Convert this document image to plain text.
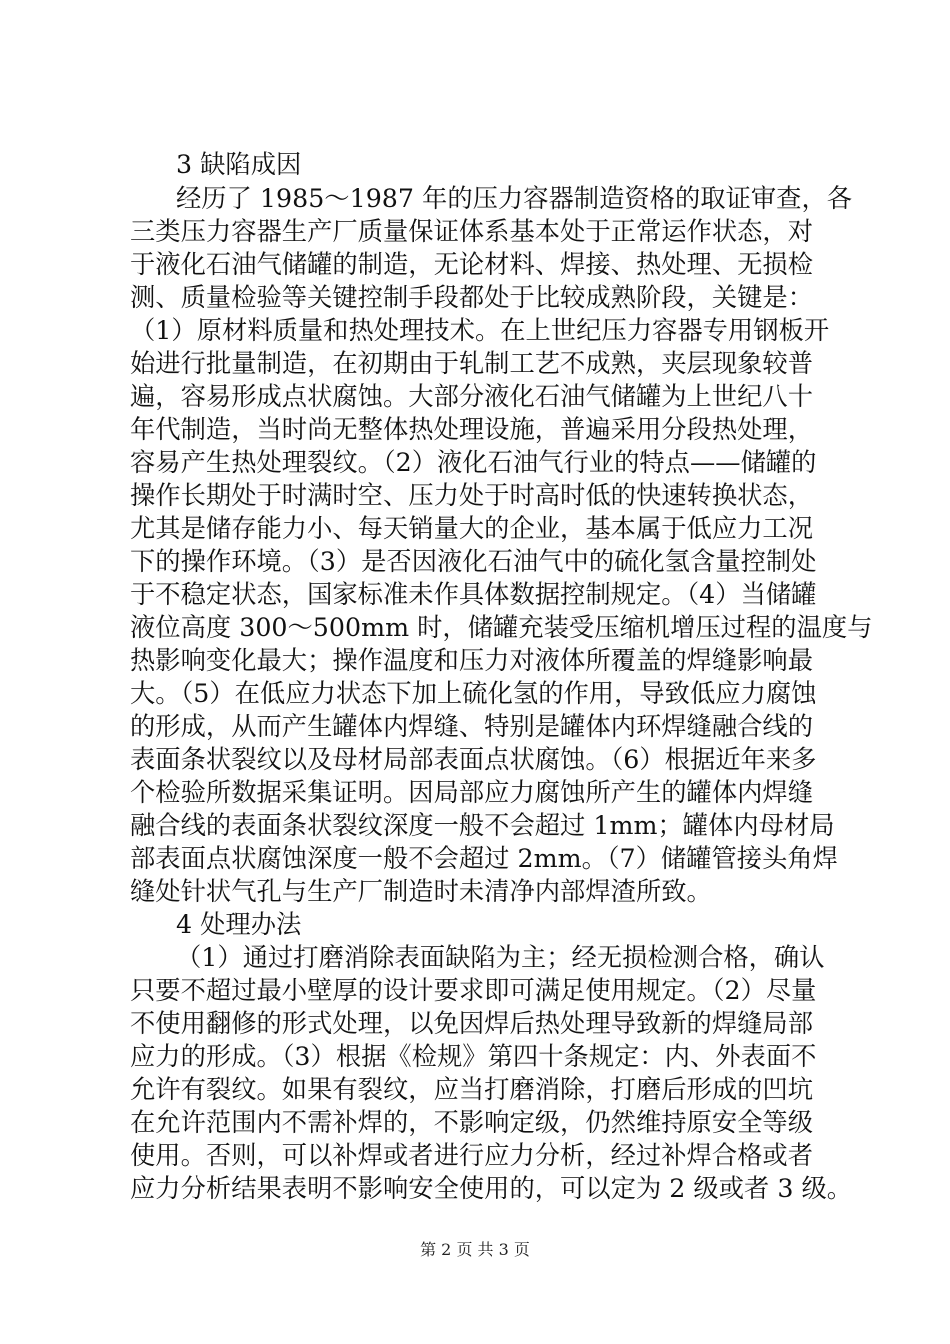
3 缺陷成因
经历了 1985～1987 年的压力容器制造资格的取证审查，各
三类压力容器生产厂质量保证体系基本处于正常运作状态，对
于液化石油气储罐的制造，无论材料、焊接、热处理、无损检
测、质量检验等关键控制手段都处于比较成熟阶段，关键是：
（1）原材料质量和热处理技术。在上世纪压力容器专用钢板开
始进行批量制造，在初期由于轧制工艺不成熟，夹层现象较普
遍，容易形成点状腐蚀。大部分液化石油气储罐为上世纪八十
年代制造，当时尚无整体热处理设施，普遍采用分段热处理，
容易产生热处理裂纹。（2）液化石油气行业的特点——储罐的
操作长期处于时满时空、压力处于时高时低的快速转换状态，
尤其是储存能力小、每天销量大的企业，基本属于低应力工况
下的操作环境。（3）是否因液化石油气中的硫化氢含量控制处
于不稳定状态，国家标准未作具体数据控制规定。（4）当储罐
液位高度 300～500mm 时，储罐充装受压缩机增压过程的温度与
热影响变化最大；操作温度和压力对液体所覆盖的焊缝影响最
大。（5）在低应力状态下加上硫化氢的作用，导致低应力腐蚀
的形成，从而产生罐体内焊缝、特别是罐体内环焊缝融合线的
表面条状裂纹以及母材局部表面点状腐蚀。（6）根据近年来多
个检验所数据采集证明。因局部应力腐蚀所产生的罐体内焊缝
融合线的表面条状裂纹深度一般不会超过 1mm；罐体内母材局
部表面点状腐蚀深度一般不会超过 2mm。（7）储罐管接头角焊
缝处针状气孔与生产厂制造时未清净内部焊渣所致。
4 处理办法
（1）通过打磨消除表面缺陷为主；经无损检测合格，确认
只要不超过最小壁厚的设计要求即可满足使用规定。（2）尽量
不使用翻修的形式处理，以免因焊后热处理导致新的焊缝局部
应力的形成。（3）根据《检规》第四十条规定：内、外表面不
允许有裂纹。如果有裂纹，应当打磨消除，打磨后形成的凹坑
在允许范围内不需补焊的，不影响定级，仍然维持原安全等级
使用。否则，可以补焊或者进行应力分析，经过补焊合格或者
应力分析结果表明不影响安全使用的，可以定为 2 级或者 3 级。
第 2 页 共 3 页
